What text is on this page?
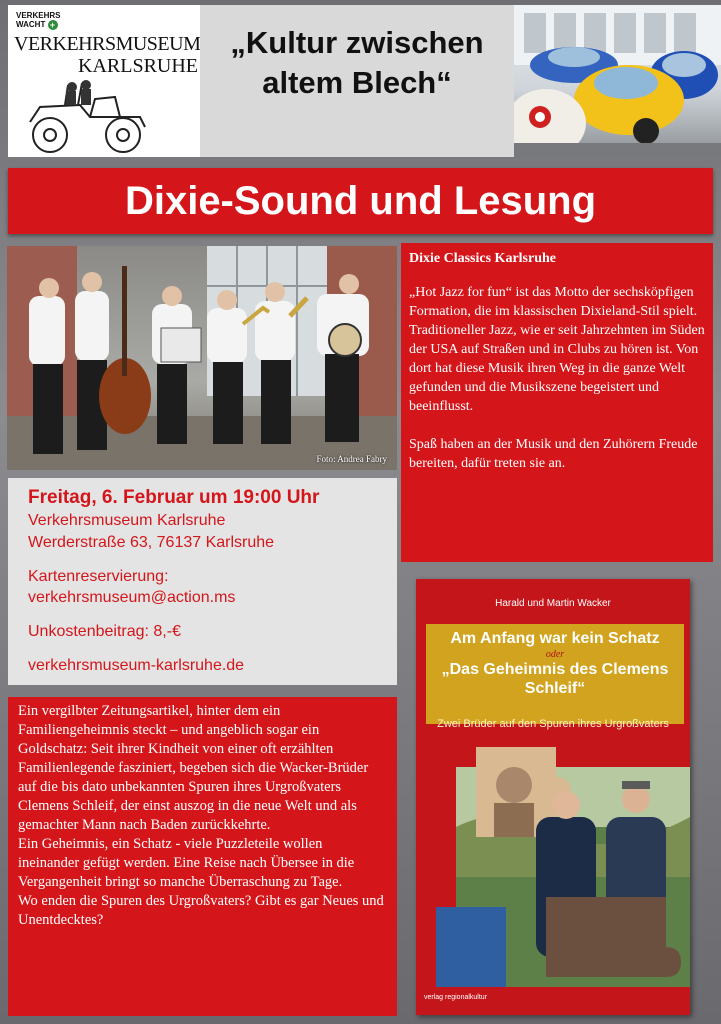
VERKEHRS WACHT +
VERKEHRSMUSEUM
KARLSRUHE
„Kultur zwischen altem Blech“
Dixie-Sound und Lesung
Foto: Andrea Fabry
Dixie Classics Karlsruhe
„Hot Jazz for fun“ ist das Motto der sechsköpfigen Formation, die im klassischen Dixieland-Stil spielt. Traditioneller Jazz, wie er seit Jahrzehnten im Süden der USA auf Straßen und in Clubs zu hören ist. Von dort hat diese Musik ihren Weg in die ganze Welt gefunden und die Musikszene begeistert und beeinflusst.

Spaß haben an der Musik und den Zuhörern Freude bereiten, dafür treten sie an.
Freitag, 6. Februar um 19:00 Uhr
Verkehrsmuseum Karlsruhe
Werderstraße 63, 76137 Karlsruhe
Kartenreservierung:
verkehrsmuseum@action.ms
Unkostenbeitrag: 8,-€
verkehrsmuseum-karlsruhe.de
Ein vergilbter Zeitungsartikel, hinter dem ein Familiengeheimnis steckt – und angeblich sogar ein Goldschatz: Seit ihrer Kindheit von einer oft erzählten Familienlegende fasziniert, begeben sich die Wacker-Brüder auf die bis dato unbekannten Spuren ihres Urgroßvaters Clemens Schleif, der einst auszog in die neue Welt und als gemachter Mann nach Baden zurückkehrte.
Ein Geheimnis, ein Schatz - viele Puzzleteile wollen ineinander gefügt werden. Eine Reise nach Übersee in die Vergangenheit bringt so manche Überraschung zu Tage.
Wo enden die Spuren des Urgroßvaters? Gibt es gar Neues und Unentdecktes?
Harald und Martin Wacker
Am Anfang war kein Schatz
oder
„Das Geheimnis des Clemens Schleif“
Zwei Brüder auf den Spuren ihres Urgroßvaters
verlag regionalkultur
